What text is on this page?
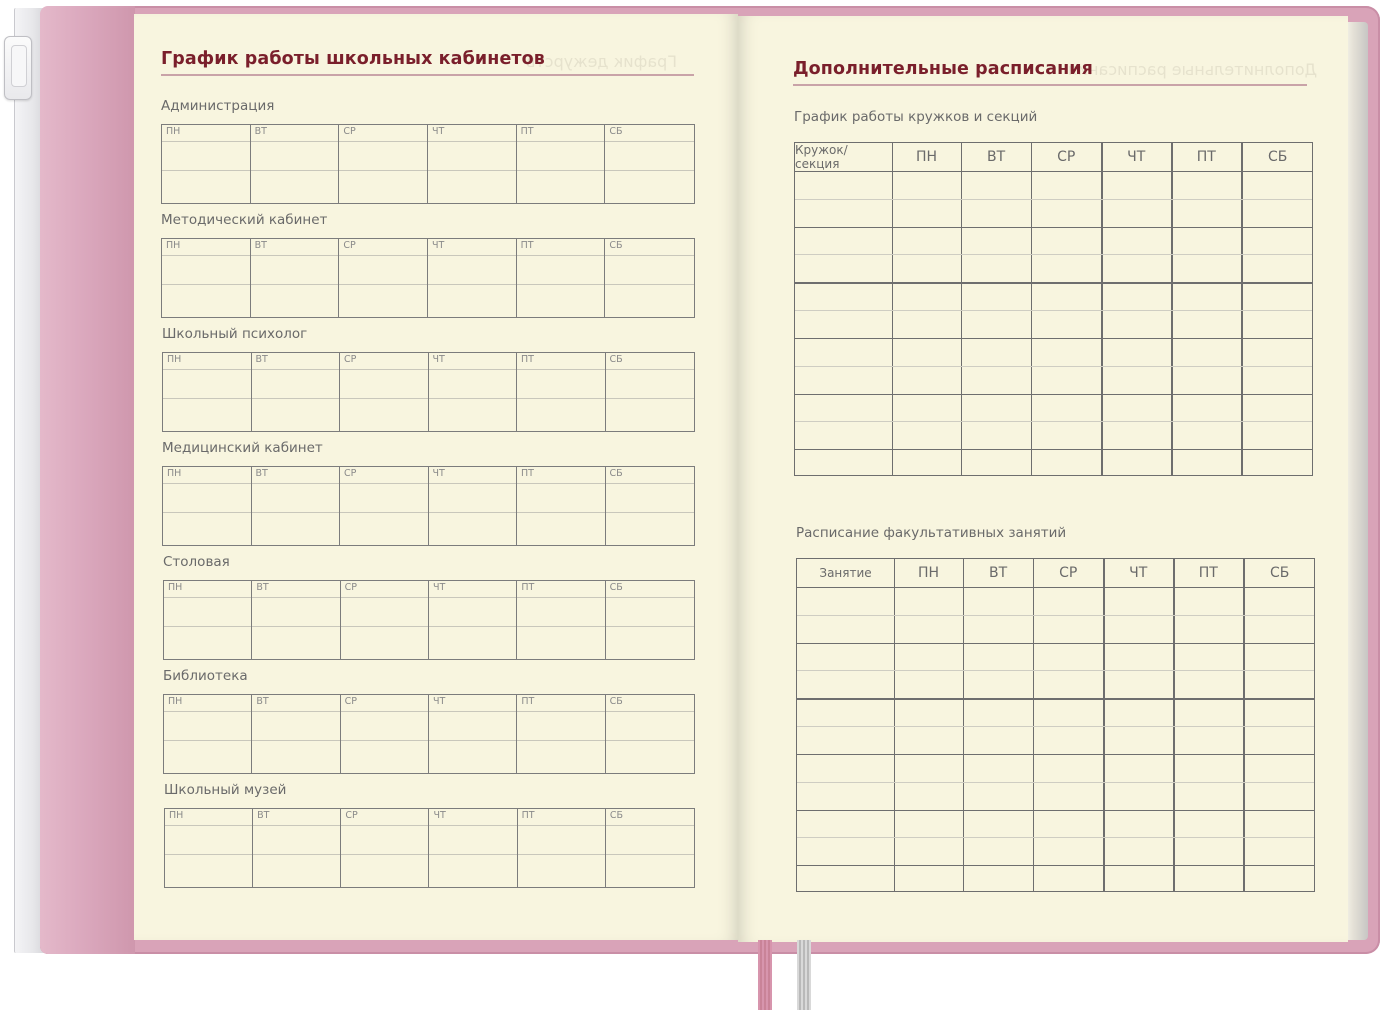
График дежурств
График работы школьных кабинетов
Администрация
ПН	ВТ	СР	ЧТ	ПТ	СБ
Методический кабинет
ПН	ВТ	СР	ЧТ	ПТ	СБ
Школьный психолог
ПН	ВТ	СР	ЧТ	ПТ	СБ
Медицинский кабинет
ПН	ВТ	СР	ЧТ	ПТ	СБ
Столовая
ПН	ВТ	СР	ЧТ	ПТ	СБ
Библиотека
ПН	ВТ	СР	ЧТ	ПТ	СБ
Школьный музей
ПН	ВТ	СР	ЧТ	ПТ	СБ
Дополнительные расписания
Дополнительные расписания
График работы кружков и секций
Кружок/секция	ПН	ВТ	СР	ЧТ	ПТ	СБ
Расписание факультативных занятий
Занятие	ПН	ВТ	СР	ЧТ	ПТ	СБ
